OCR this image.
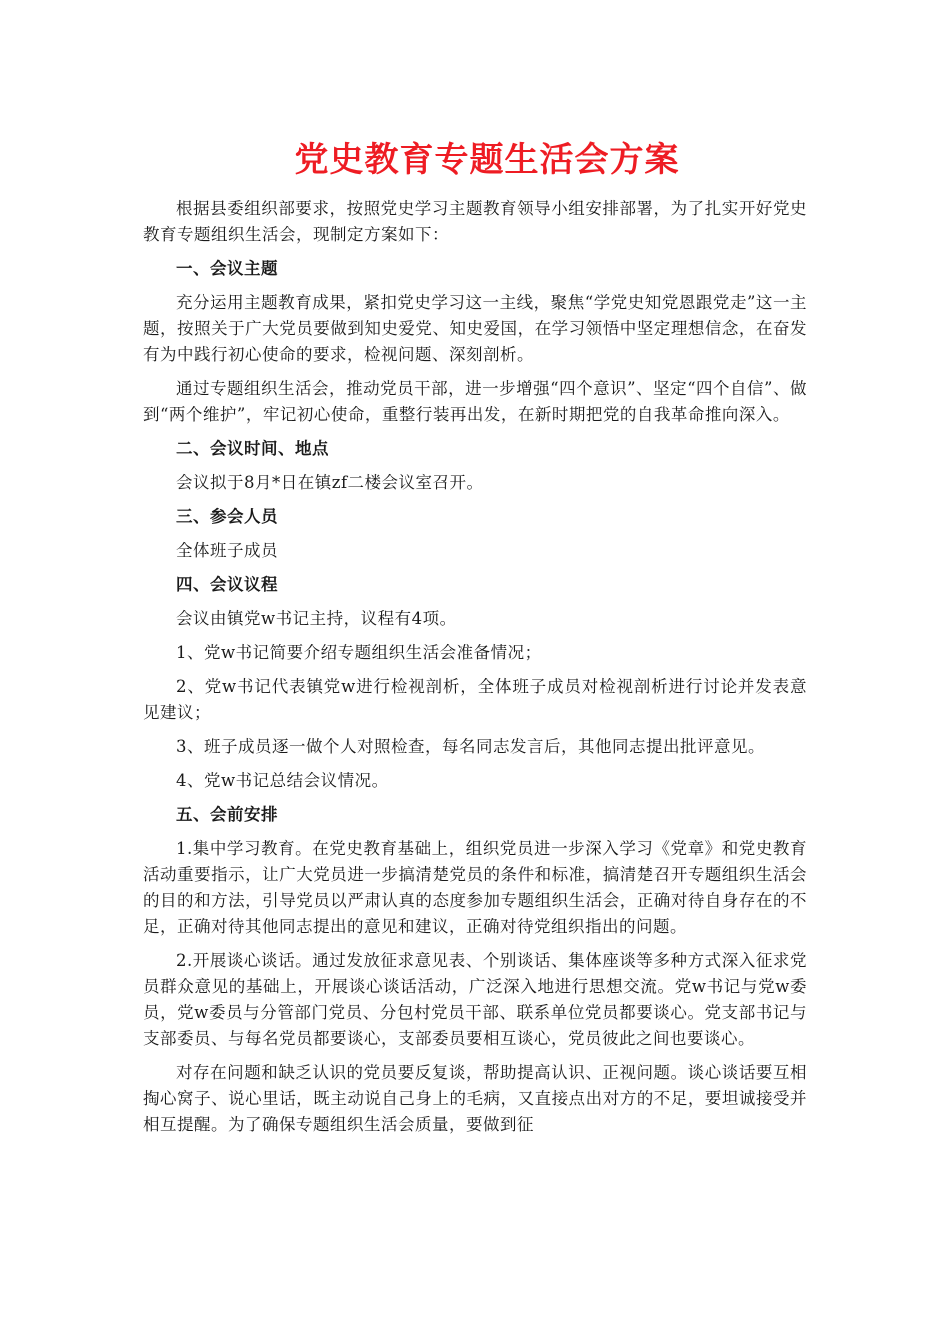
党史教育专题生活会方案

根据县委组织部要求，按照党史学习主题教育领导小组安排部署，为了扎实开好党史教育专题组织生活会，现制定方案如下：

一、会议主题

充分运用主题教育成果，紧扣党史学习这一主线，聚焦“学党史知党恩跟党走”这一主题，按照关于广大党员要做到知史爱党、知史爱国，在学习领悟中坚定理想信念，在奋发有为中践行初心使命的要求，检视问题、深刻剖析。

通过专题组织生活会，推动党员干部，进一步增强“四个意识”、坚定“四个自信”、做到“两个维护”，牢记初心使命，重整行装再出发，在新时期把党的自我革命推向深入。

二、会议时间、地点

会议拟于8月*日在镇zf二楼会议室召开。

三、参会人员

全体班子成员

四、会议议程

会议由镇党w书记主持，议程有4项。

1、党w书记简要介绍专题组织生活会准备情况；

2、党w书记代表镇党w进行检视剖析，全体班子成员对检视剖析进行讨论并发表意见建议；

3、班子成员逐一做个人对照检查，每名同志发言后，其他同志提出批评意见。

4、党w书记总结会议情况。

五、会前安排

1.集中学习教育。在党史教育基础上，组织党员进一步深入学习《党章》和党史教育活动重要指示，让广大党员进一步搞清楚党员的条件和标准，搞清楚召开专题组织生活会的目的和方法，引导党员以严肃认真的态度参加专题组织生活会，正确对待自身存在的不足，正确对待其他同志提出的意见和建议，正确对待党组织指出的问题。

2.开展谈心谈话。通过发放征求意见表、个别谈话、集体座谈等多种方式深入征求党员群众意见的基础上，开展谈心谈话活动，广泛深入地进行思想交流。党w书记与党w委员，党w委员与分管部门党员、分包村党员干部、联系单位党员都要谈心。党支部书记与支部委员、与每名党员都要谈心，支部委员要相互谈心，党员彼此之间也要谈心。

对存在问题和缺乏认识的党员要反复谈，帮助提高认识、正视问题。谈心谈话要互相掏心窝子、说心里话，既主动说自己身上的毛病，又直接点出对方的不足，要坦诚接受并相互提醒。为了确保专题组织生活会质量，要做到征
